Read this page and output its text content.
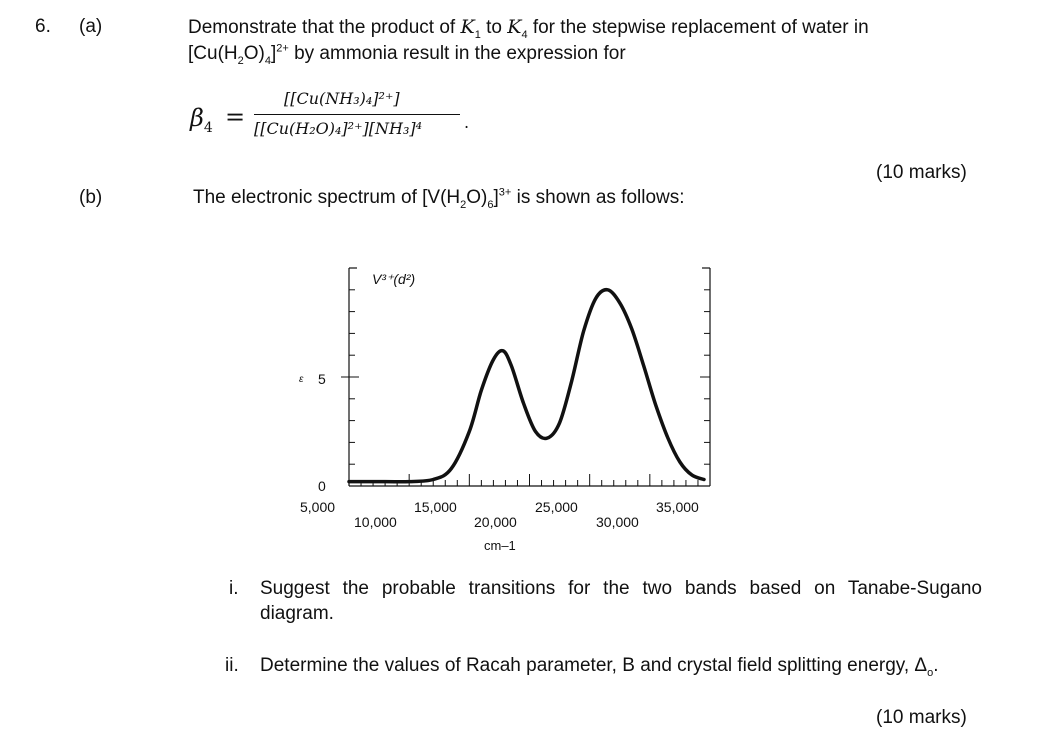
6. (a)	Demonstrate that the product of $K_1$ to $K_4$ for the stepwise replacement of water in
$[Cu(H_2O)_4]^{2+}$ by ammonia result in the expression for
$\beta_4$ =
[[Cu(NH₃)₄]²⁺]
[[Cu(H₂O)₄]²⁺][NH₃]⁴	.
(10 marks)
(b)	The electronic spectrum of $[V(H_2O)_6]^{3+}$ is shown as follows:
V³⁺(d²)
ε 5
0
5,000
10,000
15,000
20,000
25,000
30,000
35,000
cm–1
i. Suggest the probable transitions for the two bands based on Tanabe-Sugano diagram.
ii. Determine the values of Racah parameter, B and crystal field splitting energy, $\Delta_o$.
(10 marks)
